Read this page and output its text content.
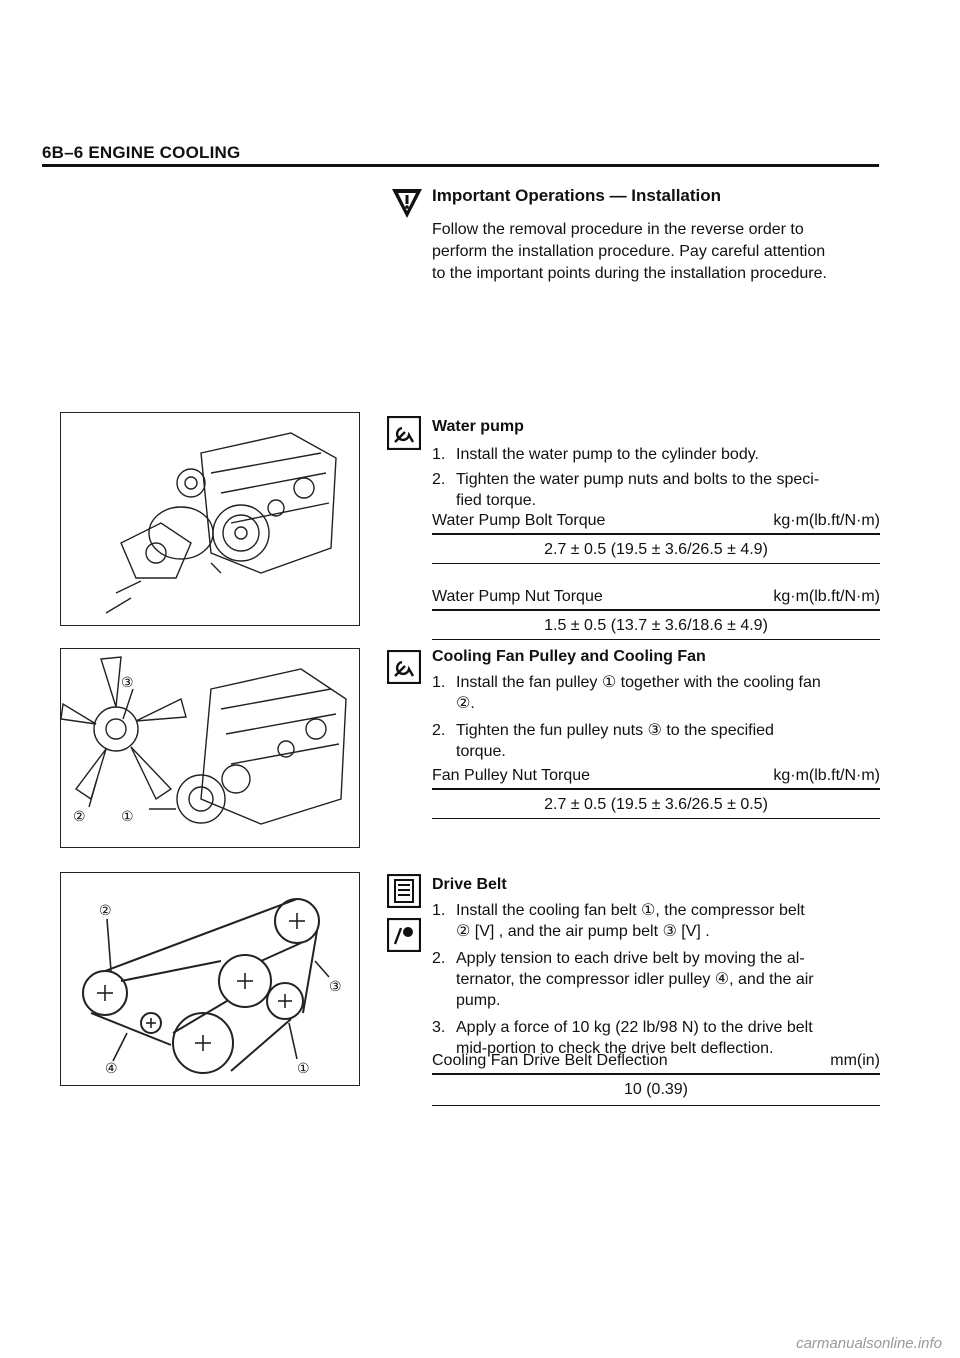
6B–6 ENGINE COOLING
Important Operations — Installation
Follow the removal procedure in the reverse order to
perform the installation procedure. Pay careful attention
to the important points during the installation procedure.
③
②	①
②
③
④	①
Water pump
1. Install the water pump to the cylinder body.
2. Tighten the water pump nuts and bolts to the speci-
fied torque.
Water Pump Bolt Torque	kg·m(lb.ft/N·m)
2.7 ± 0.5 (19.5 ± 3.6/26.5 ± 4.9)
Water Pump Nut Torque	kg·m(lb.ft/N·m)
1.5 ± 0.5 (13.7 ± 3.6/18.6 ± 4.9)
Cooling Fan Pulley and Cooling Fan
1. Install the fan pulley ① together with the cooling fan
②.
2. Tighten the fun pulley nuts ③ to the specified
torque.
Fan Pulley Nut Torque	kg·m(lb.ft/N·m)
2.7 ± 0.5 (19.5 ± 3.6/26.5 ± 0.5)
Drive Belt
1. Install the cooling fan belt ①, the compressor belt
② [V] , and the air pump belt ③ [V] .
2. Apply tension to each drive belt by moving the al-
ternator, the compressor idler pulley ④, and the air
pump.
3. Apply a force of 10 kg (22 lb/98 N) to the drive belt
mid-portion to check the drive belt deflection.
Cooling Fan Drive Belt Deflection	mm(in)
10 (0.39)
carmanualsonline.info
